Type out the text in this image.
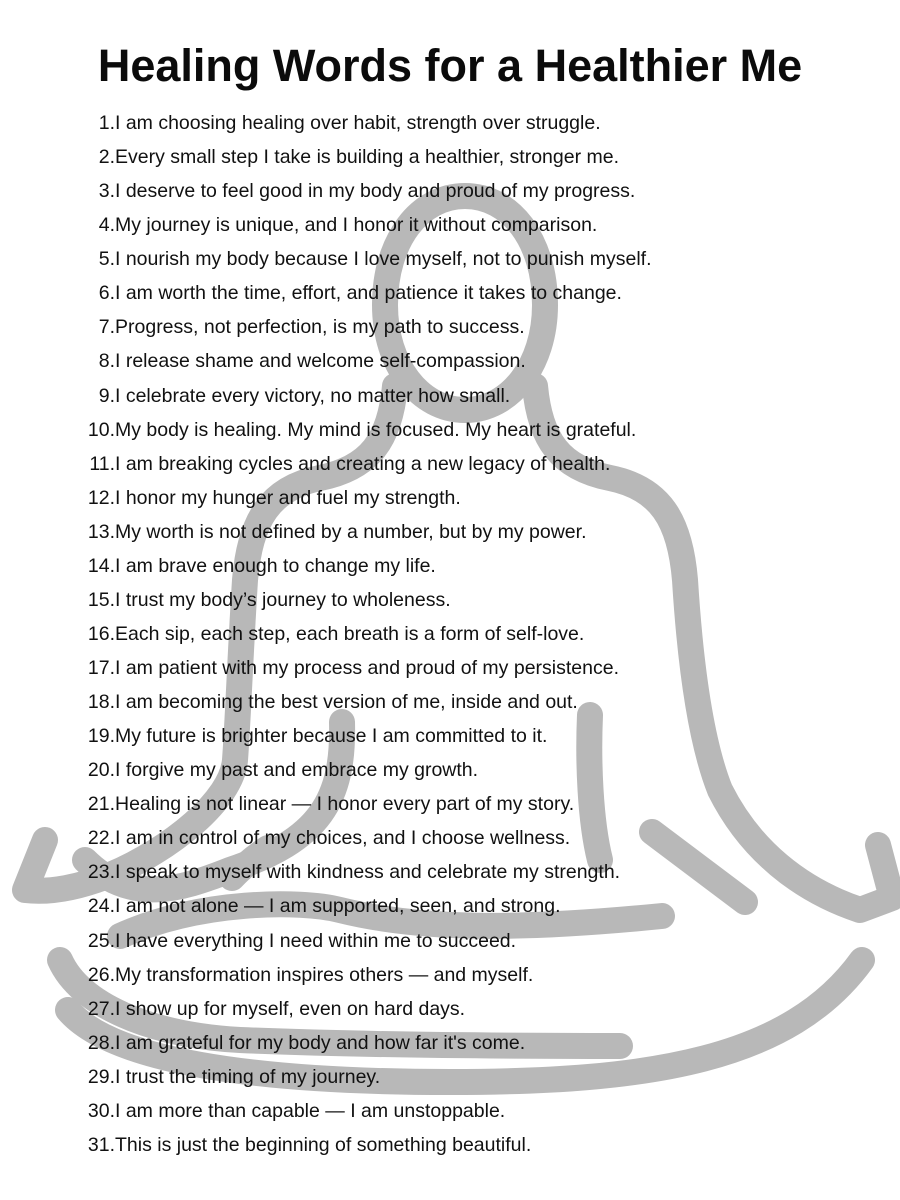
Healing Words for a Healthier Me
1. I am choosing healing over habit, strength over struggle.
2. Every small step I take is building a healthier, stronger me.
3. I deserve to feel good in my body and proud of my progress.
4. My journey is unique, and I honor it without comparison.
5. I nourish my body because I love myself, not to punish myself.
6. I am worth the time, effort, and patience it takes to change.
7. Progress, not perfection, is my path to success.
8. I release shame and welcome self-compassion.
9. I celebrate every victory, no matter how small.
10. My body is healing. My mind is focused. My heart is grateful.
11. I am breaking cycles and creating a new legacy of health.
12. I honor my hunger and fuel my strength.
13. My worth is not defined by a number, but by my power.
14. I am brave enough to change my life.
15. I trust my body’s journey to wholeness.
16. Each sip, each step, each breath is a form of self-love.
17. I am patient with my process and proud of my persistence.
18. I am becoming the best version of me, inside and out.
19. My future is brighter because I am committed to it.
20. I forgive my past and embrace my growth.
21. Healing is not linear — I honor every part of my story.
22. I am in control of my choices, and I choose wellness.
23. I speak to myself with kindness and celebrate my strength.
24. I am not alone — I am supported, seen, and strong.
25. I have everything I need within me to succeed.
26. My transformation inspires others — and myself.
27. I show up for myself, even on hard days.
28. I am grateful for my body and how far it's come.
29. I trust the timing of my journey.
30. I am more than capable — I am unstoppable.
31. This is just the beginning of something beautiful.
